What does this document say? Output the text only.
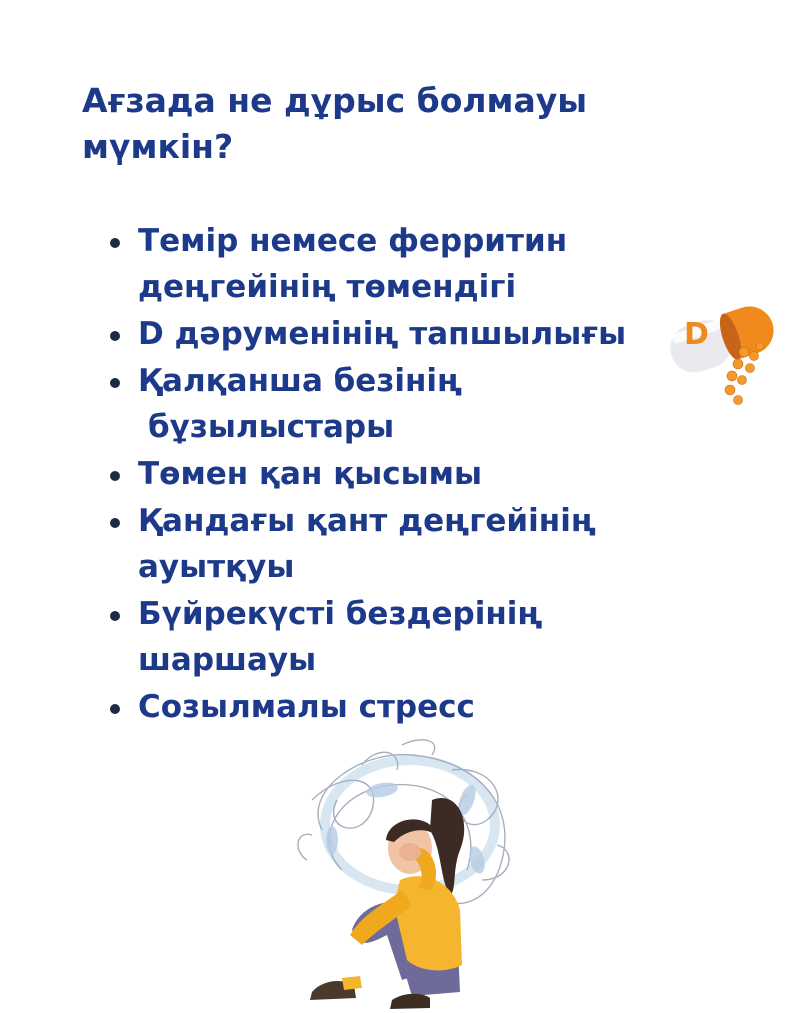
Ағзада не дұрыс болмауы
мүмкін?
Темір немесе ферритин
деңгейінің төмендігі
D дәруменінің тапшылығы
Қалқанша безінің
бұзылыстары
Төмен қан қысымы
Қандағы қант деңгейінің
ауытқуы
Бүйрекүсті бездерінің
шаршауы
Созылмалы стресс
D
